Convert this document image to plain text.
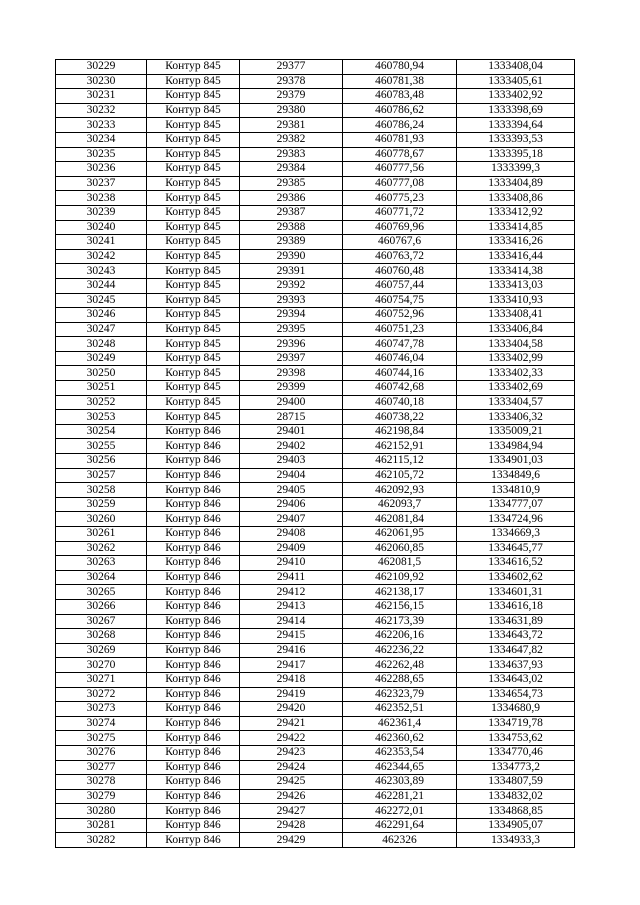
30229	Контур 845	29377	460780,94	1333408,04
30230	Контур 845	29378	460781,38	1333405,61
30231	Контур 845	29379	460783,48	1333402,92
30232	Контур 845	29380	460786,62	1333398,69
30233	Контур 845	29381	460786,24	1333394,64
30234	Контур 845	29382	460781,93	1333393,53
30235	Контур 845	29383	460778,67	1333395,18
30236	Контур 845	29384	460777,56	1333399,3
30237	Контур 845	29385	460777,08	1333404,89
30238	Контур 845	29386	460775,23	1333408,86
30239	Контур 845	29387	460771,72	1333412,92
30240	Контур 845	29388	460769,96	1333414,85
30241	Контур 845	29389	460767,6	1333416,26
30242	Контур 845	29390	460763,72	1333416,44
30243	Контур 845	29391	460760,48	1333414,38
30244	Контур 845	29392	460757,44	1333413,03
30245	Контур 845	29393	460754,75	1333410,93
30246	Контур 845	29394	460752,96	1333408,41
30247	Контур 845	29395	460751,23	1333406,84
30248	Контур 845	29396	460747,78	1333404,58
30249	Контур 845	29397	460746,04	1333402,99
30250	Контур 845	29398	460744,16	1333402,33
30251	Контур 845	29399	460742,68	1333402,69
30252	Контур 845	29400	460740,18	1333404,57
30253	Контур 845	28715	460738,22	1333406,32
30254	Контур 846	29401	462198,84	1335009,21
30255	Контур 846	29402	462152,91	1334984,94
30256	Контур 846	29403	462115,12	1334901,03
30257	Контур 846	29404	462105,72	1334849,6
30258	Контур 846	29405	462092,93	1334810,9
30259	Контур 846	29406	462093,7	1334777,07
30260	Контур 846	29407	462081,84	1334724,96
30261	Контур 846	29408	462061,95	1334669,3
30262	Контур 846	29409	462060,85	1334645,77
30263	Контур 846	29410	462081,5	1334616,52
30264	Контур 846	29411	462109,92	1334602,62
30265	Контур 846	29412	462138,17	1334601,31
30266	Контур 846	29413	462156,15	1334616,18
30267	Контур 846	29414	462173,39	1334631,89
30268	Контур 846	29415	462206,16	1334643,72
30269	Контур 846	29416	462236,22	1334647,82
30270	Контур 846	29417	462262,48	1334637,93
30271	Контур 846	29418	462288,65	1334643,02
30272	Контур 846	29419	462323,79	1334654,73
30273	Контур 846	29420	462352,51	1334680,9
30274	Контур 846	29421	462361,4	1334719,78
30275	Контур 846	29422	462360,62	1334753,62
30276	Контур 846	29423	462353,54	1334770,46
30277	Контур 846	29424	462344,65	1334773,2
30278	Контур 846	29425	462303,89	1334807,59
30279	Контур 846	29426	462281,21	1334832,02
30280	Контур 846	29427	462272,01	1334868,85
30281	Контур 846	29428	462291,64	1334905,07
30282	Контур 846	29429	462326	1334933,3
